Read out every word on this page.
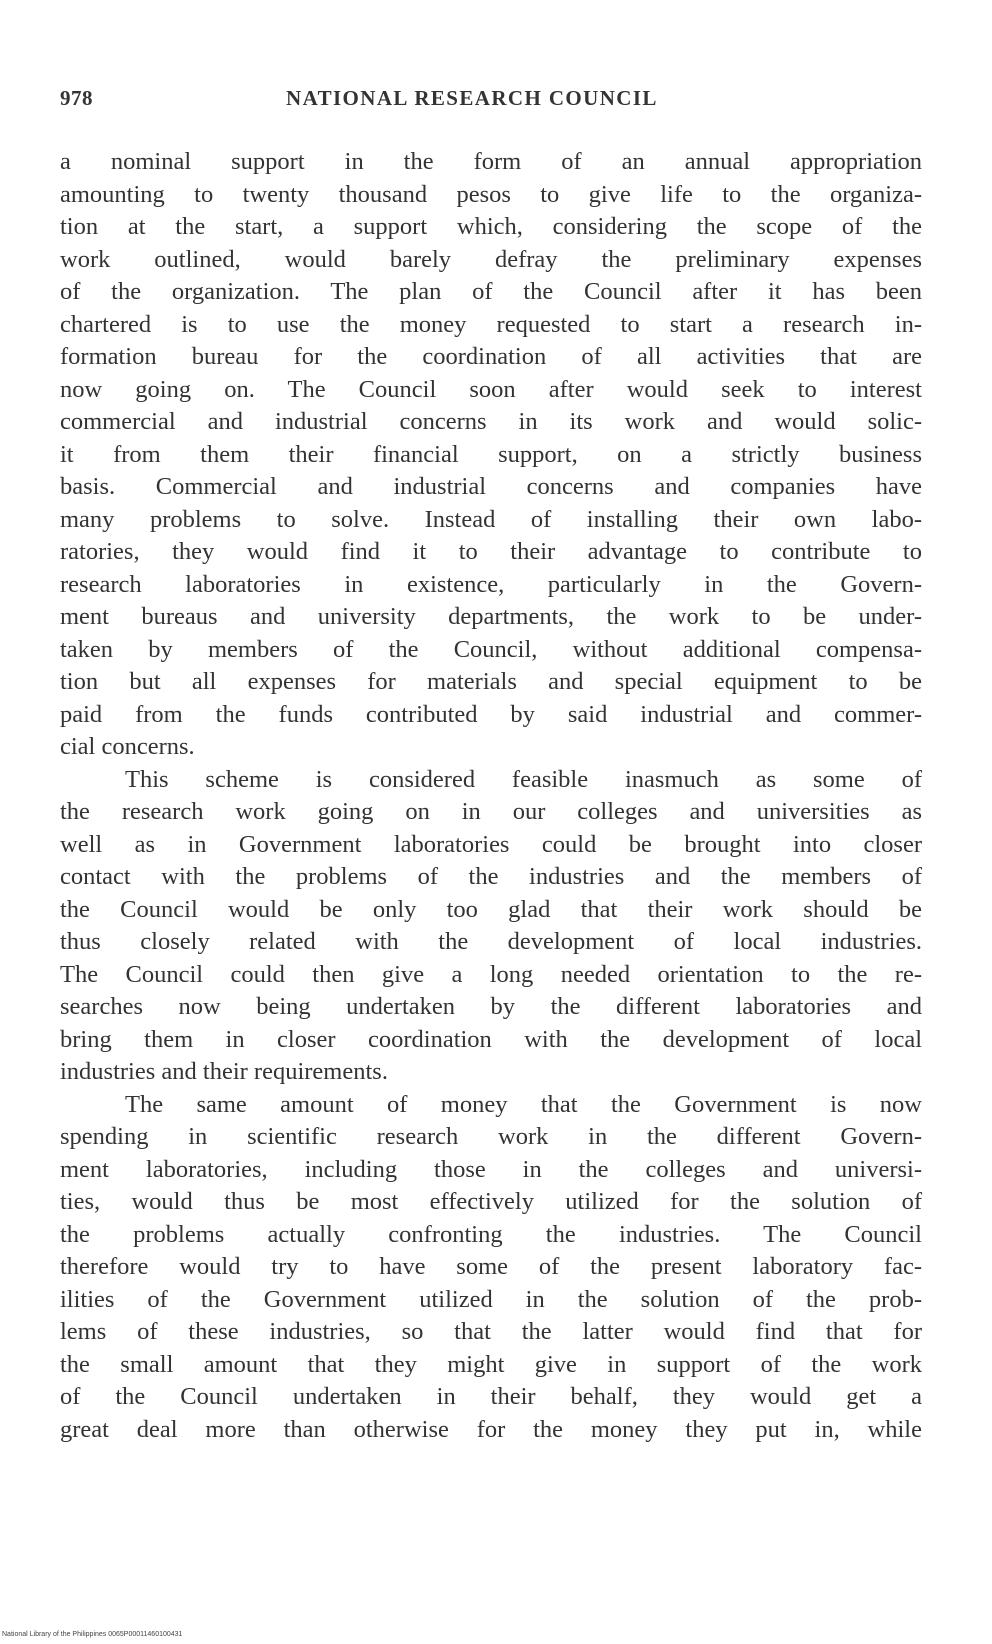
978	NATIONAL RESEARCH COUNCIL
a nominal support in the form of an annual appropriation
amounting to twenty thousand pesos to give life to the organiza-
tion at the start, a support which, considering the scope of the
work outlined, would barely defray the preliminary expenses
of the organization. The plan of the Council after it has been
chartered is to use the money requested to start a research in-
formation bureau for the coordination of all activities that are
now going on. The Council soon after would seek to interest
commercial and industrial concerns in its work and would solic-
it from them their financial support, on a strictly business
basis. Commercial and industrial concerns and companies have
many problems to solve. Instead of installing their own labo-
ratories, they would find it to their advantage to contribute to
research laboratories in existence, particularly in the Govern-
ment bureaus and university departments, the work to be under-
taken by members of the Council, without additional compensa-
tion but all expenses for materials and special equipment to be
paid from the funds contributed by said industrial and commer-
cial concerns.
This scheme is considered feasible inasmuch as some of
the research work going on in our colleges and universities as
well as in Government laboratories could be brought into closer
contact with the problems of the industries and the members of
the Council would be only too glad that their work should be
thus closely related with the development of local industries.
The Council could then give a long needed orientation to the re-
searches now being undertaken by the different laboratories and
bring them in closer coordination with the development of local
industries and their requirements.
The same amount of money that the Government is now
spending in scientific research work in the different Govern-
ment laboratories, including those in the colleges and universi-
ties, would thus be most effectively utilized for the solution of
the problems actually confronting the industries. The Council
therefore would try to have some of the present laboratory fac-
ilities of the Government utilized in the solution of the prob-
lems of these industries, so that the latter would find that for
the small amount that they might give in support of the work
of the Council undertaken in their behalf, they would get a
great deal more than otherwise for the money they put in, while
National Library of the Philippines 0065P00011460100431
